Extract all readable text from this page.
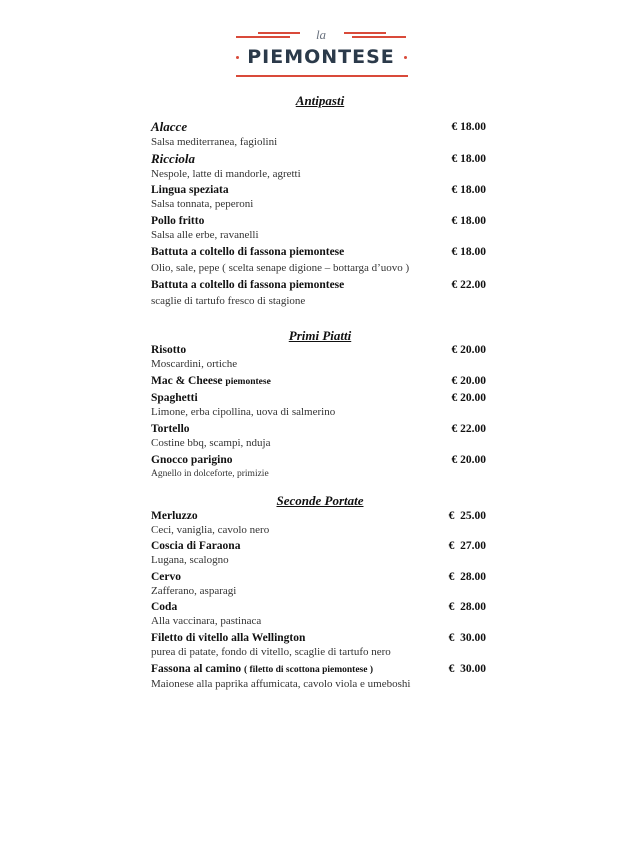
la
PIEMONTESE
Antipasti
Alacce
Salsa mediterranea, fagiolini
€ 18.00
Ricciola
Nespole, latte di mandorle, agretti
€ 18.00
Lingua speziata
Salsa tonnata, peperoni
€ 18.00
Pollo fritto
Salsa alle erbe, ravanelli
€ 18.00
Battuta a coltello di fassona piemontese
Olio, sale, pepe ( scelta senape digione – bottarga d’uovo )
€ 18.00
Battuta a coltello di fassona piemontese
scaglie di tartufo fresco di stagione
€ 22.00
Primi Piatti
Risotto
Moscardini, ortiche
€ 20.00
Mac & Cheese piemontese	€ 20.00
Spaghetti
Limone, erba cipollina, uova di salmerino
€ 20.00
Tortello
Costine bbq, scampi, nduja
€ 22.00
Gnocco parigino
Agnello in dolceforte, primizie
€ 20.00
Seconde Portate
Merluzzo
Ceci, vaniglia, cavolo nero
€  25.00
Coscia di Faraona
Lugana, scalogno
€  27.00
Cervo
Zafferano, asparagi
€  28.00
Coda
Alla vaccinara, pastinaca
€  28.00
Filetto di vitello alla Wellington
purea di patate, fondo di vitello, scaglie di tartufo nero
€  30.00
Fassona al camino ( filetto di scottona piemontese )
Maionese alla paprika affumicata, cavolo viola e umeboshi
€  30.00
